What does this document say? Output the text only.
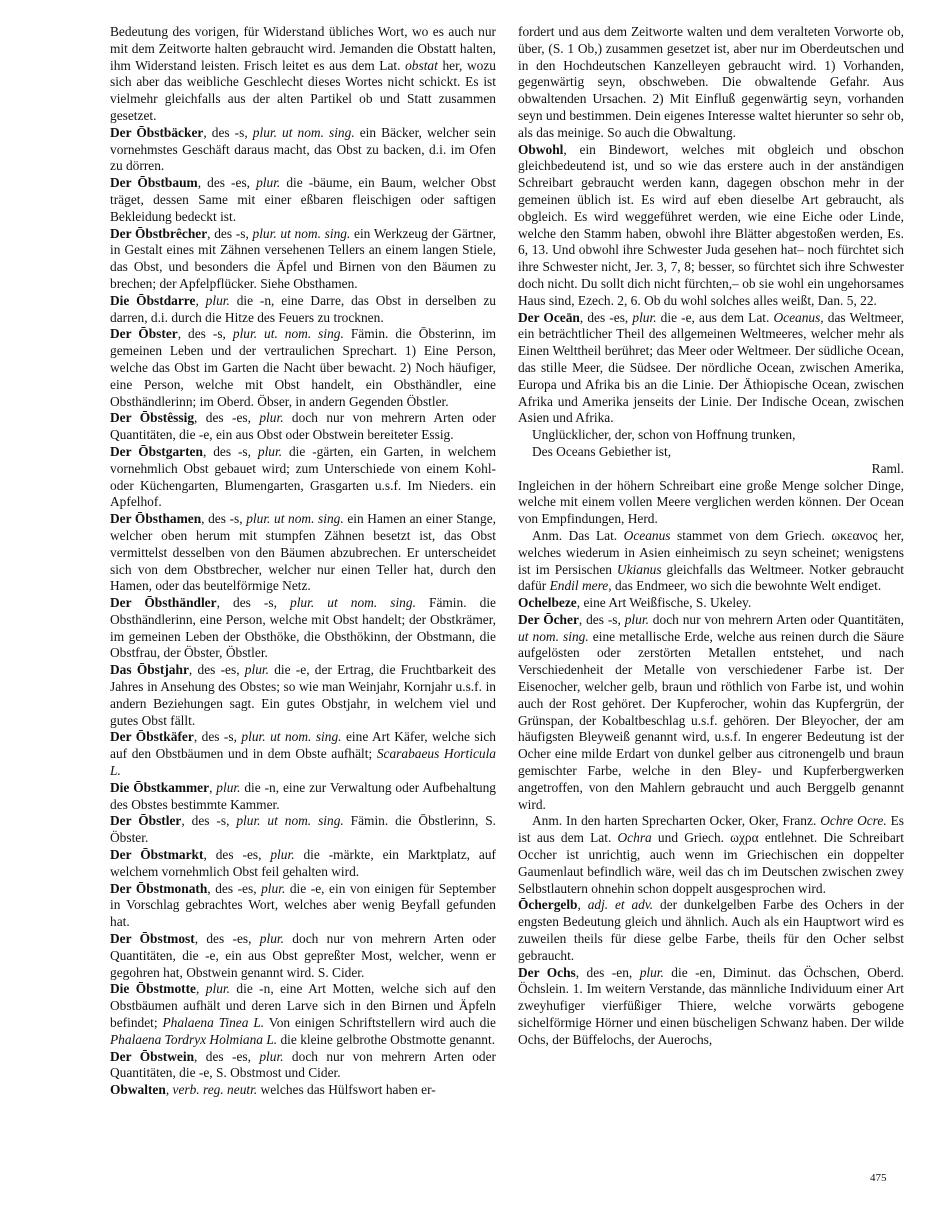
Bedeutung des vorigen, für Widerstand übliches Wort, wo es auch nur mit dem Zeitworte halten gebraucht wird. Jemanden die Obstatt halten, ihm Widerstand leisten. Frisch leitet es aus dem Lat. obstat her, wozu sich aber das weibliche Geschlecht dieses Wortes nicht schickt. Es ist vielmehr gleichfalls aus der alten Partikel ob und Statt zusammen gesetzet.

Der Ōbstbäcker, des -s, plur. ut nom. sing. ein Bäcker, welcher sein vornehmstes Geschäft daraus macht, das Obst zu backen, d.i. im Ofen zu dörren.

Der Ōbstbaum, des -es, plur. die -bäume, ein Baum, welcher Obst träget, dessen Same mit einer eßbaren fleischigen oder saftigen Bekleidung bedeckt ist.

Der Ōbstbrêcher, des -s, plur. ut nom. sing. ein Werkzeug der Gärtner, in Gestalt eines mit Zähnen versehenen Tellers an einem langen Stiele, das Obst, und besonders die Äpfel und Birnen von den Bäumen zu brechen; der Apfelpflücker. Siehe Obsthamen.

Die Ōbstdarre, plur. die -n, eine Darre, das Obst in derselben zu darren, d.i. durch die Hitze des Feuers zu trocknen.

Der Ōbster, des -s, plur. ut. nom. sing. Fämin. die Ōbsterinn, im gemeinen Leben und der vertraulichen Sprechart. 1) Eine Person, welche das Obst im Garten die Nacht über bewacht. 2) Noch häufiger, eine Person, welche mit Obst handelt, ein Obsthändler, eine Obsthändlerinn; im Oberd. Öbser, in andern Gegenden Öbstler.

Der Ōbstêssig, des -es, plur. doch nur von mehrern Arten oder Quantitäten, die -e, ein aus Obst oder Obstwein bereiteter Essig.

Der Ōbstgarten, des -s, plur. die -gärten, ein Garten, in welchem vornehmlich Obst gebauet wird; zum Unterschiede von einem Kohl- oder Küchengarten, Blumengarten, Grasgarten u.s.f. Im Nieders. ein Apfelhof.

Der Ōbsthamen, des -s, plur. ut nom. sing. ein Hamen an einer Stange, welcher oben herum mit stumpfen Zähnen besetzt ist, das Obst vermittelst desselben von den Bäumen abzubrechen. Er unterscheidet sich von dem Obstbrecher, welcher nur einen Teller hat, durch den Hamen, oder das beutelförmige Netz.

Der Ōbsthändler, des -s, plur. ut nom. sing. Fämin. die Obsthändlerinn, eine Person, welche mit Obst handelt; der Obstkrämer, im gemeinen Leben der Obsthöke, die Obsthökinn, der Obstmann, die Obstfrau, der Öbster, Öbstler.

Das Ōbstjahr, des -es, plur. die -e, der Ertrag, die Fruchtbarkeit des Jahres in Ansehung des Obstes; so wie man Weinjahr, Kornjahr u.s.f. in andern Beziehungen sagt. Ein gutes Obstjahr, in welchem viel und gutes Obst fällt.

Der Ōbstkäfer, des -s, plur. ut nom. sing. eine Art Käfer, welche sich auf den Obstbäumen und in dem Obste aufhält; Scarabaeus Horticula L.

Die Ōbstkammer, plur. die -n, eine zur Verwaltung oder Aufbehaltung des Obstes bestimmte Kammer.

Der Ōbstler, des -s, plur. ut nom. sing. Fämin. die Ōbstlerinn, S. Öbster.

Der Ōbstmarkt, des -es, plur. die -märkte, ein Marktplatz, auf welchem vornehmlich Obst feil gehalten wird.

Der Ōbstmonath, des -es, plur. die -e, ein von einigen für September in Vorschlag gebrachtes Wort, welches aber wenig Beyfall gefunden hat.

Der Ōbstmost, des -es, plur. doch nur von mehrern Arten oder Quantitäten, die -e, ein aus Obst gepreßter Most, welcher, wenn er gegohren hat, Obstwein genannt wird. S. Cider.

Die Ōbstmotte, plur. die -n, eine Art Motten, welche sich auf den Obstbäumen aufhält und deren Larve sich in den Birnen und Äpfeln befindet; Phalaena Tinea L. Von einigen Schriftstellern wird auch die Phalaena Tordryx Holmiana L. die kleine gelbrothe Obstmotte genannt.

Der Ōbstwein, des -es, plur. doch nur von mehrern Arten oder Quantitäten, die -e, S. Obstmost und Cider.

Obwalten, verb. reg. neutr. welches das Hülfswort haben er-

fordert und aus dem Zeitworte walten und dem veralteten Vorworte ob, über, (S. 1 Ob,) zusammen gesetzet ist, aber nur im Oberdeutschen und in den Hochdeutschen Kanzelleyen gebraucht wird. 1) Vorhanden, gegenwärtig seyn, obschweben. Die obwaltende Gefahr. Aus obwaltenden Ursachen. 2) Mit Einfluß gegenwärtig seyn, vorhanden seyn und bestimmen. Dein eigenes Interesse waltet hierunter so sehr ob, als das meinige. So auch die Obwaltung.

Obwohl, ein Bindewort, welches mit obgleich und obschon gleichbedeutend ist, und so wie das erstere auch in der anständigen Schreibart gebraucht werden kann, dagegen obschon mehr in der gemeinen üblich ist. Es wird auf eben dieselbe Art gebraucht, als obgleich. Es wird weggeführet werden, wie eine Eiche oder Linde, welche den Stamm haben, obwohl ihre Blätter abgestoßen werden, Es. 6, 13. Und obwohl ihre Schwester Juda gesehen hat– noch fürchtet sich ihre Schwester nicht, Jer. 3, 7, 8; besser, so fürchtet sich ihre Schwester doch nicht. Du sollt dich nicht fürchten,– ob sie wohl ein ungehorsames Haus sind, Ezech. 2, 6. Ob du wohl solches alles weißt, Dan. 5, 22.

Der Oceān, des -es, plur. die -e, aus dem Lat. Oceanus, das Weltmeer, ein beträchtlicher Theil des allgemeinen Weltmeeres, welcher mehr als Einen Welttheil berühret; das Meer oder Weltmeer. Der südliche Ocean, das stille Meer, die Südsee. Der nördliche Ocean, zwischen Amerika, Europa und Afrika bis an die Linie. Der Äthiopische Ocean, zwischen Afrika und Amerika jenseits der Linie. Der Indische Ocean, zwischen Asien und Afrika.

Unglücklicher, der, schon von Hoffnung trunken,

Des Oceans Gebiether ist,

Raml.

Ingleichen in der höhern Schreibart eine große Menge solcher Dinge, welche mit einem vollen Meere verglichen werden können. Der Ocean von Empfindungen, Herd.

Anm. Das Lat. Oceanus stammet von dem Griech. ωκεανος her, welches wiederum in Asien einheimisch zu seyn scheinet; wenigstens ist im Persischen Ukianus gleichfalls das Weltmeer. Notker gebraucht dafür Endil mere, das Endmeer, wo sich die bewohnte Welt endiget.

Ochelbeze, eine Art Weißfische, S. Ukeley.

Der Ōcher, des -s, plur. doch nur von mehrern Arten oder Quantitäten, ut nom. sing. eine metallische Erde, welche aus reinen durch die Säure aufgelösten oder zerstörten Metallen entstehet, und nach Verschiedenheit der Metalle von verschiedener Farbe ist. Der Eisenocher, welcher gelb, braun und röthlich von Farbe ist, und wohin auch der Rost gehöret. Der Kupferocher, wohin das Kupfergrün, der Grünspan, der Kobaltbeschlag u.s.f. gehören. Der Bleyocher, der am häufigsten Bleyweiß genannt wird, u.s.f. In engerer Bedeutung ist der Ocher eine milde Erdart von dunkel gelber aus citronengelb und braun gemischter Farbe, welche in den Bley- und Kupferbergwerken angetroffen, von den Mahlern gebraucht und auch Berggelb genannt wird.

Anm. In den harten Sprecharten Ocker, Oker, Franz. Ochre Ocre. Es ist aus dem Lat. Ochra und Griech. ωχρα entlehnet. Die Schreibart Occher ist unrichtig, auch wenn im Griechischen ein doppelter Gaumenlaut befindlich wäre, weil das ch im Deutschen zwischen zwey Selbstlautern ohnehin schon doppelt ausgesprochen wird.

Ōchergelb, adj. et adv. der dunkelgelben Farbe des Ochers in der engsten Bedeutung gleich und ähnlich. Auch als ein Hauptwort wird es zuweilen theils für diese gelbe Farbe, theils für den Ocher selbst gebraucht.

Der Ochs, des -en, plur. die -en, Diminut. das Öchschen, Oberd. Öchslein. 1. Im weitern Verstande, das männliche Individuum einer Art zweyhufiger vierfüßiger Thiere, welche vorwärts gebogene sichelförmige Hörner und einen büscheligen Schwanz haben. Der wilde Ochs, der Büffelochs, der Auerochs,

475
